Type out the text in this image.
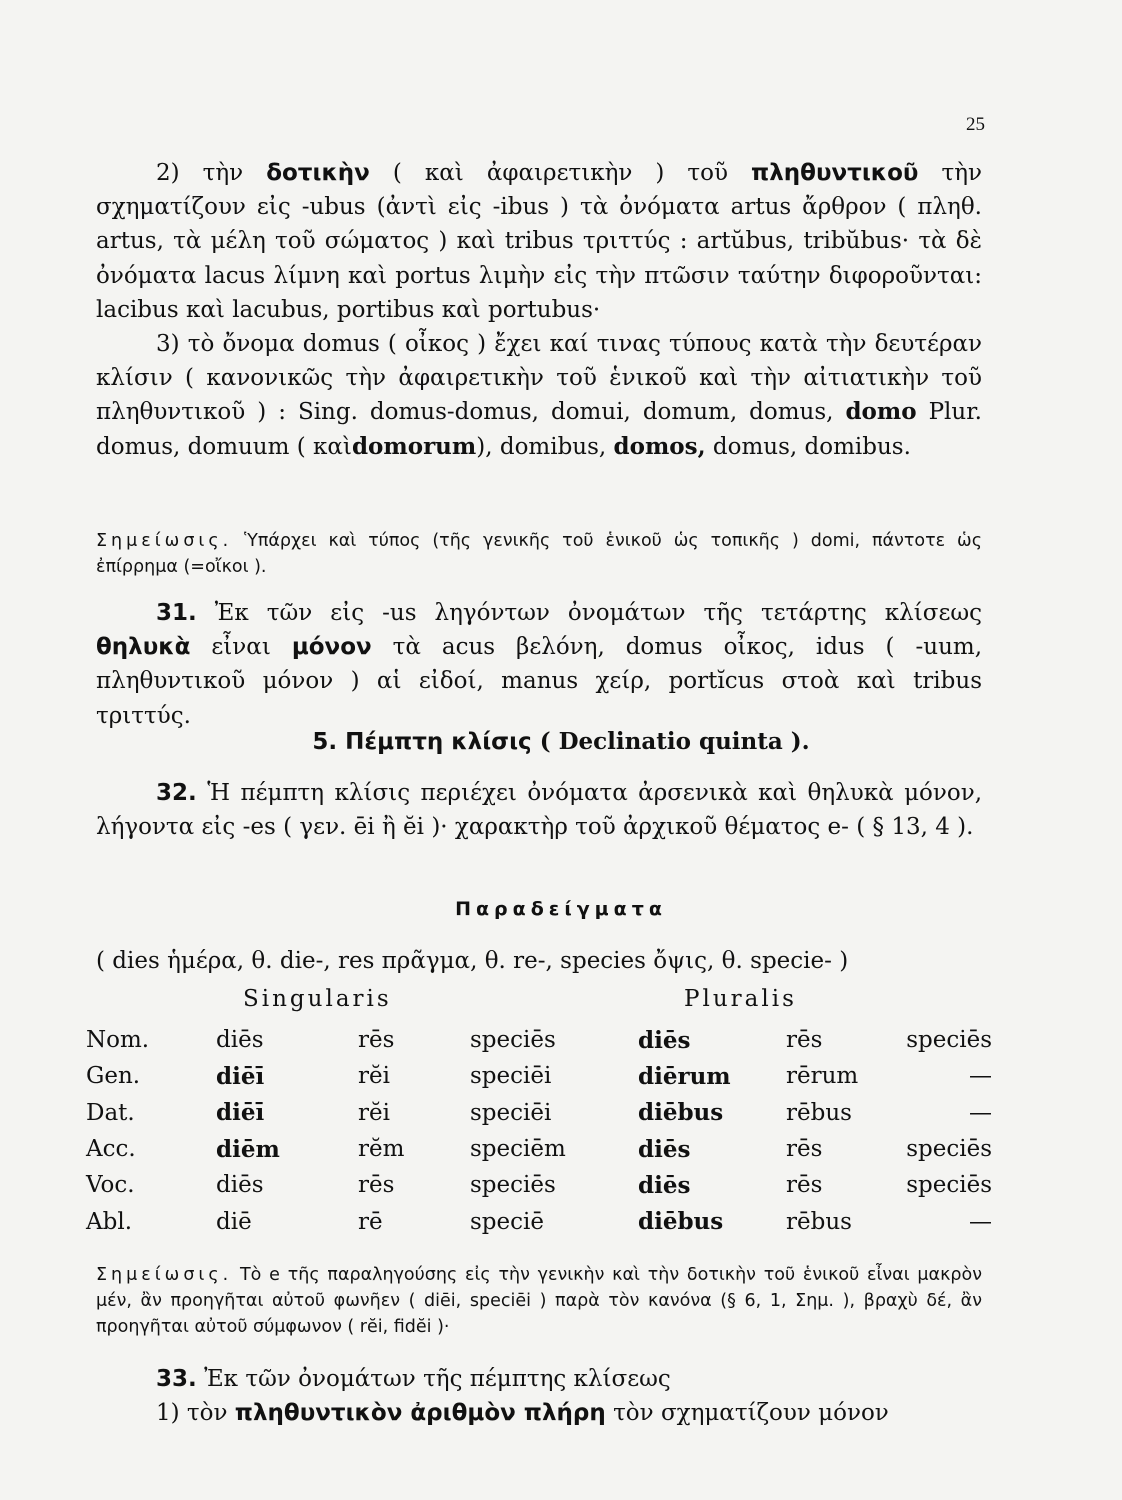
25

2) τὴν δοτικὴν ( καὶ ἀφαιρετικὴν ) τοῦ πληθυντικοῦ τὴν σχηματίζουν εἰς -ubus (ἀντὶ εἰς -ibus ) τὰ ὀνόματα artus ἄρθρον ( πληθ. artus, τὰ μέλη τοῦ σώματος ) καὶ tribus τριττύς : artŭbus, tribŭbus· τὰ δὲ ὀνόματα lacus λίμνη καὶ portus λιμὴν εἰς τὴν πτῶσιν ταύτην διφοροῦνται: lacibus καὶ lacubus, portibus καὶ portubus·

3) τὸ ὄνομα domus ( οἶκος ) ἔχει καί τινας τύπους κατὰ τὴν δευτέραν κλίσιν ( κανονικῶς τὴν ἀφαιρετικὴν τοῦ ἑνικοῦ καὶ τὴν αἰτιατικὴν τοῦ πληθυντικοῦ ) : Sing. domus-domus, domui, domum, domus, domo Plur. domus, domuum ( καὶdomorum), domibus, domos, domus, domibus.

Σημείωσις. Ὑπάρχει καὶ τύπος (τῆς γενικῆς τοῦ ἑνικοῦ ὡς τοπικῆς ) domi, πάντοτε ὡς ἐπίρρημα (=οἴκοι ).

31. Ἐκ τῶν εἰς -us ληγόντων ὀνομάτων τῆς τετάρτης κλίσεως θηλυκὰ εἶναι μόνον τὰ acus βελόνη, domus οἶκος, idus ( -uum, πληθυντικοῦ μόνον ) αἱ εἰδοί, manus χείρ, portĭcus στοὰ καὶ tribus τριττύς.

5. Πέμπτη κλίσις ( Declinatio quinta ).

32. Ἡ πέμπτη κλίσις περιέχει ὀνόματα ἀρσενικὰ καὶ θηλυκὰ μόνον, λήγοντα εἰς -es ( γεν. ēi ἢ ĕi )· χαρακτὴρ τοῦ ἀρχικοῦ θέματος e- ( § 13, 4 ).

Παραδείγματα

( dies ἡμέρα, θ. die-, res πρᾶγμα, θ. re-, species ὄψις, θ. specie- )

Singularis	Pluralis
Nom.	diēs	rēs	speciēs	diēs	rēs	speciēs
Gen.	diēī	rĕi	speciēi	diērum	rērum	—
Dat.	diēī	rĕi	speciēi	diēbus	rēbus	—
Acc.	diēm	rĕm	speciēm	diēs	rēs	speciēs
Voc.	diēs	rēs	speciēs	diēs	rēs	speciēs
Abl.	diē	rē	speciē	diēbus	rēbus	—
Σημείωσις. Τὸ e τῆς παραληγούσης εἰς τὴν γενικὴν καὶ τὴν δοτικὴν τοῦ ἑνικοῦ εἶναι μακρὸν μέν, ἂν προηγῆται αὐτοῦ φωνῆεν ( diēi, speciēi ) παρὰ τὸν κανόνα (§ 6, 1, Σημ. ), βραχὺ δέ, ἂν προηγῆται αὐτοῦ σύμφωνον ( rĕi, fidĕi )·

33. Ἐκ τῶν ὀνομάτων τῆς πέμπτης κλίσεως

1) τὸν πληθυντικὸν ἀριθμὸν πλήρη τὸν σχηματίζουν μόνον
